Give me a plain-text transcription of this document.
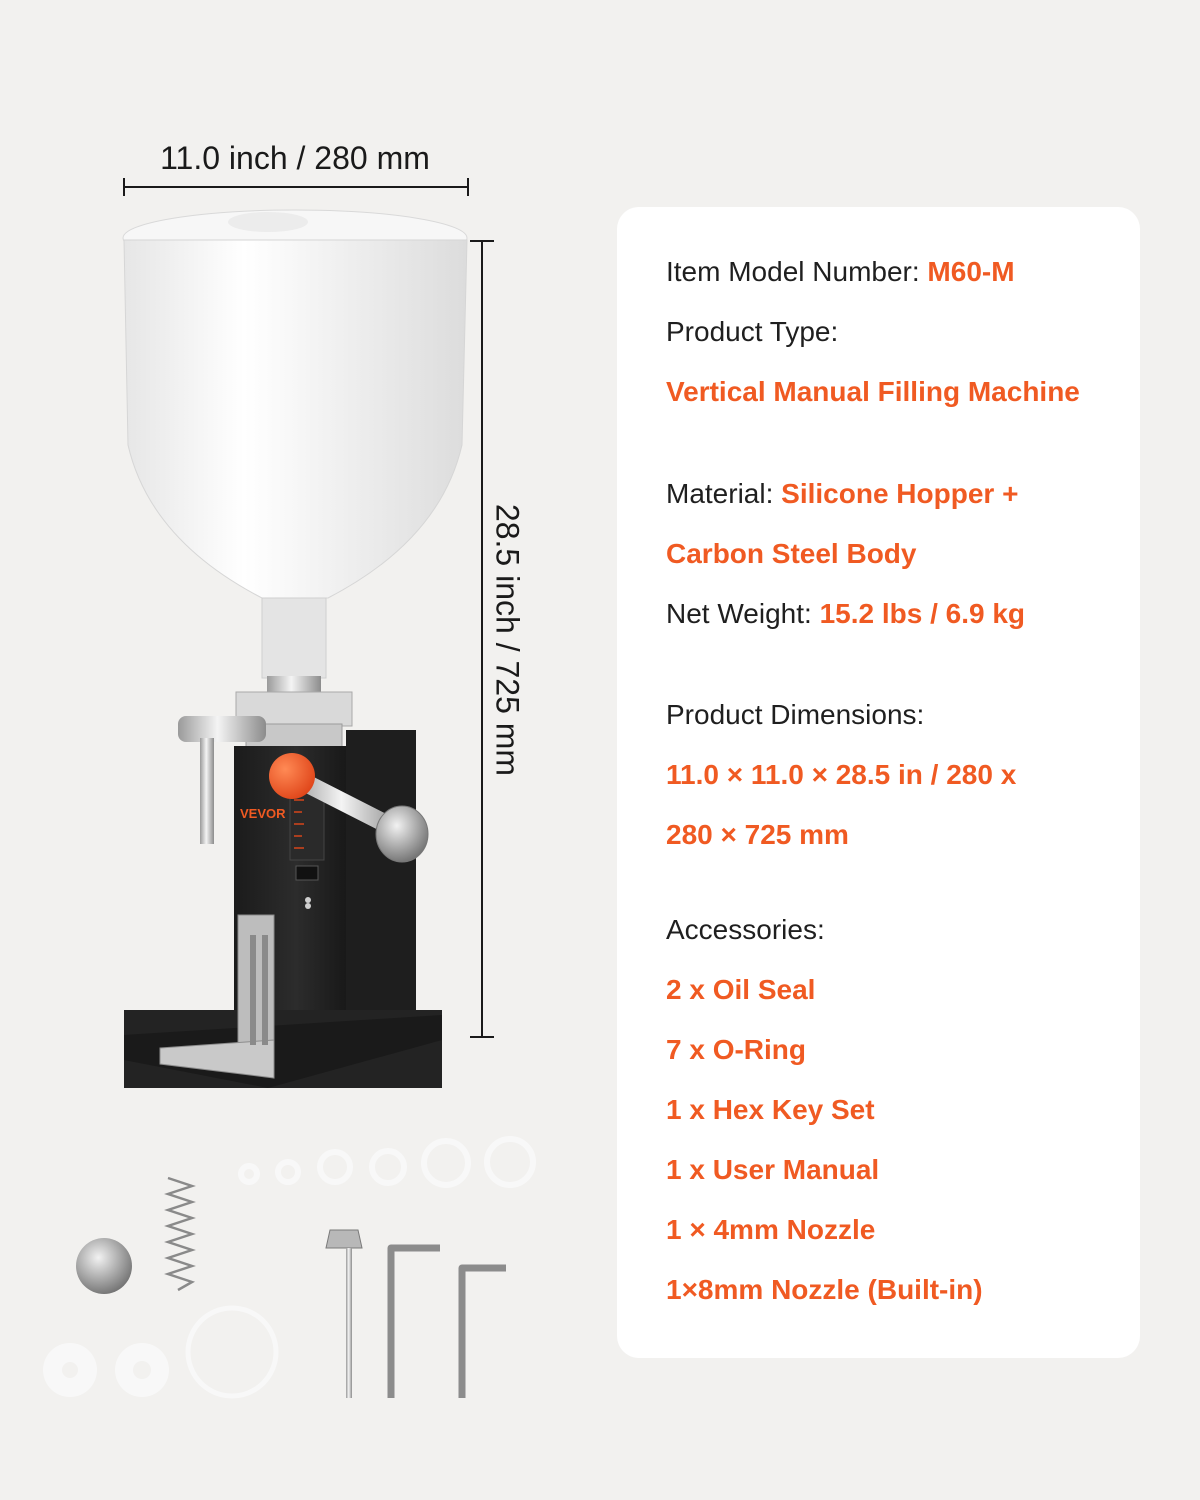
11.0 inch / 280 mm
28.5 inch / 725 mm
VEVOR
Item Model Number: M60-M
Product Type:
Vertical Manual Filling Machine
Material: Silicone Hopper +
Carbon Steel Body
Net Weight: 15.2 lbs / 6.9 kg
Product Dimensions:
11.0 × 11.0 × 28.5 in / 280 x
280 × 725 mm
Accessories:
2 x Oil Seal
7 x O-Ring
1 x Hex Key Set
1 x User Manual
1 × 4mm Nozzle
1×8mm Nozzle (Built-in)
